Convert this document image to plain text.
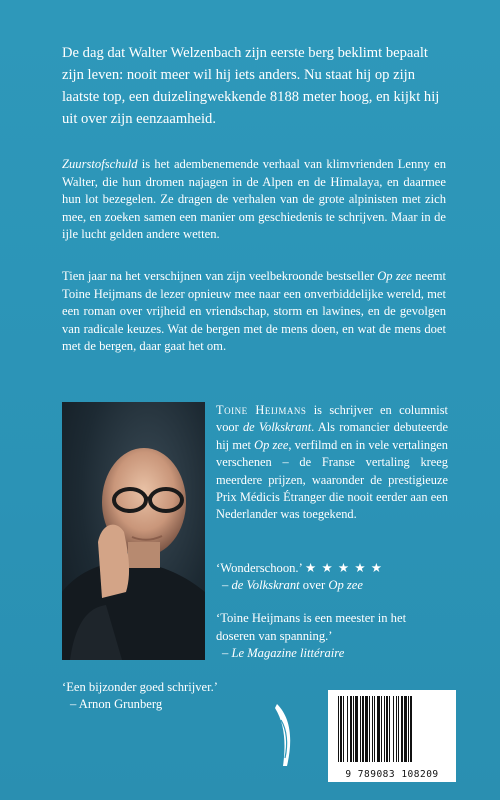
De dag dat Walter Welzenbach zijn eerste berg beklimt bepaalt zijn leven: nooit meer wil hij iets anders. Nu staat hij op zijn laatste top, een duizelingwekkende 8188 meter hoog, en kijkt hij uit over zijn eenzaamheid.

Zuurstofschuld is het adembenemende verhaal van klimvrienden Lenny en Walter, die hun dromen najagen in de Alpen en de Himalaya, en daarmee hun lot bezegelen. Ze dragen de verhalen van de grote alpinisten met zich mee, en zoeken samen een manier om geschiedenis te schrijven. Maar in de ijle lucht gelden andere wetten.

Tien jaar na het verschijnen van zijn veelbekroonde bestseller Op zee neemt Toine Heijmans de lezer opnieuw mee naar een onverbiddelijke wereld, met een roman over vrijheid en vriendschap, storm en lawines, en de gevolgen van radicale keuzes. Wat de bergen met de mens doen, en wat de mens doet met de bergen, daar gaat het om.

Toine Heijmans is schrijver en columnist voor de Volkskrant. Als romancier debuteerde hij met Op zee, verfilmd en in vele vertalingen verschenen – de Franse vertaling kreeg meerdere prijzen, waaronder de prestigieuze Prix Médicis Étranger die nooit eerder aan een Nederlander was toegekend.

‘Wonderschoon.’ ★ ★ ★ ★ ★

– de Volkskrant over Op zee

‘Toine Heijmans is een meester in het doseren van spanning.’

– Le Magazine littéraire

‘Een bijzonder goed schrijver.’

– Arnon Grunberg

9 789083 108209
